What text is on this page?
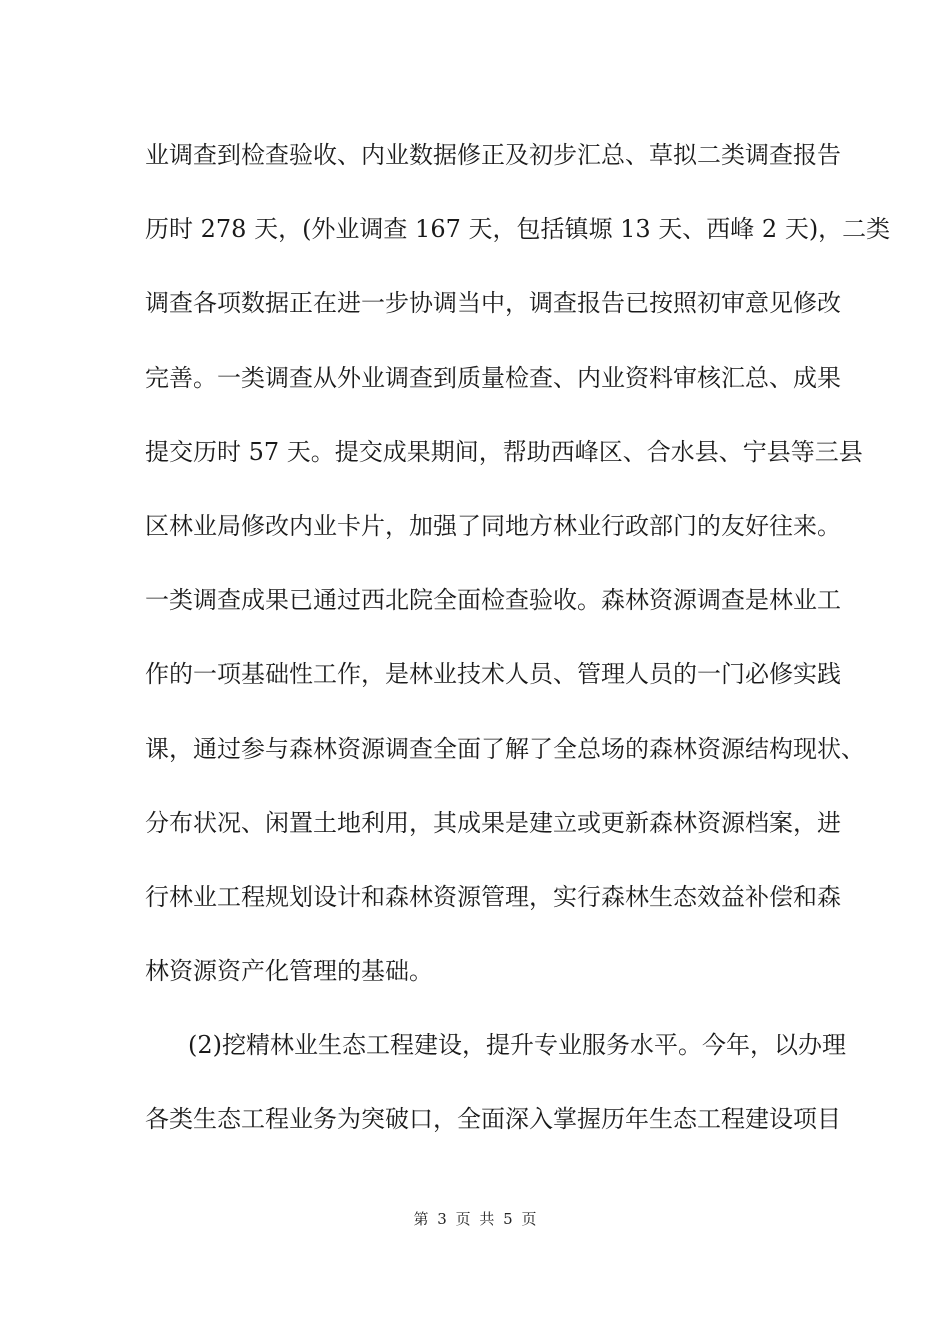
业调查到检查验收、内业数据修正及初步汇总、草拟二类调查报告
历时 278 天，(外业调查 167 天，包括镇塬 13 天、西峰 2 天)，二类
调查各项数据正在进一步协调当中，调查报告已按照初审意见修改
完善。一类调查从外业调查到质量检查、内业资料审核汇总、成果
提交历时 57 天。提交成果期间，帮助西峰区、合水县、宁县等三县
区林业局修改内业卡片，加强了同地方林业行政部门的友好往来。
一类调查成果已通过西北院全面检查验收。森林资源调查是林业工
作的一项基础性工作，是林业技术人员、管理人员的一门必修实践
课，通过参与森林资源调查全面了解了全总场的森林资源结构现状、
分布状况、闲置土地利用，其成果是建立或更新森林资源档案，进
行林业工程规划设计和森林资源管理，实行森林生态效益补偿和森
林资源资产化管理的基础。
(2)挖精林业生态工程建设，提升专业服务水平。今年，以办理
各类生态工程业务为突破口，全面深入掌握历年生态工程建设项目
第 3 页 共 5 页
